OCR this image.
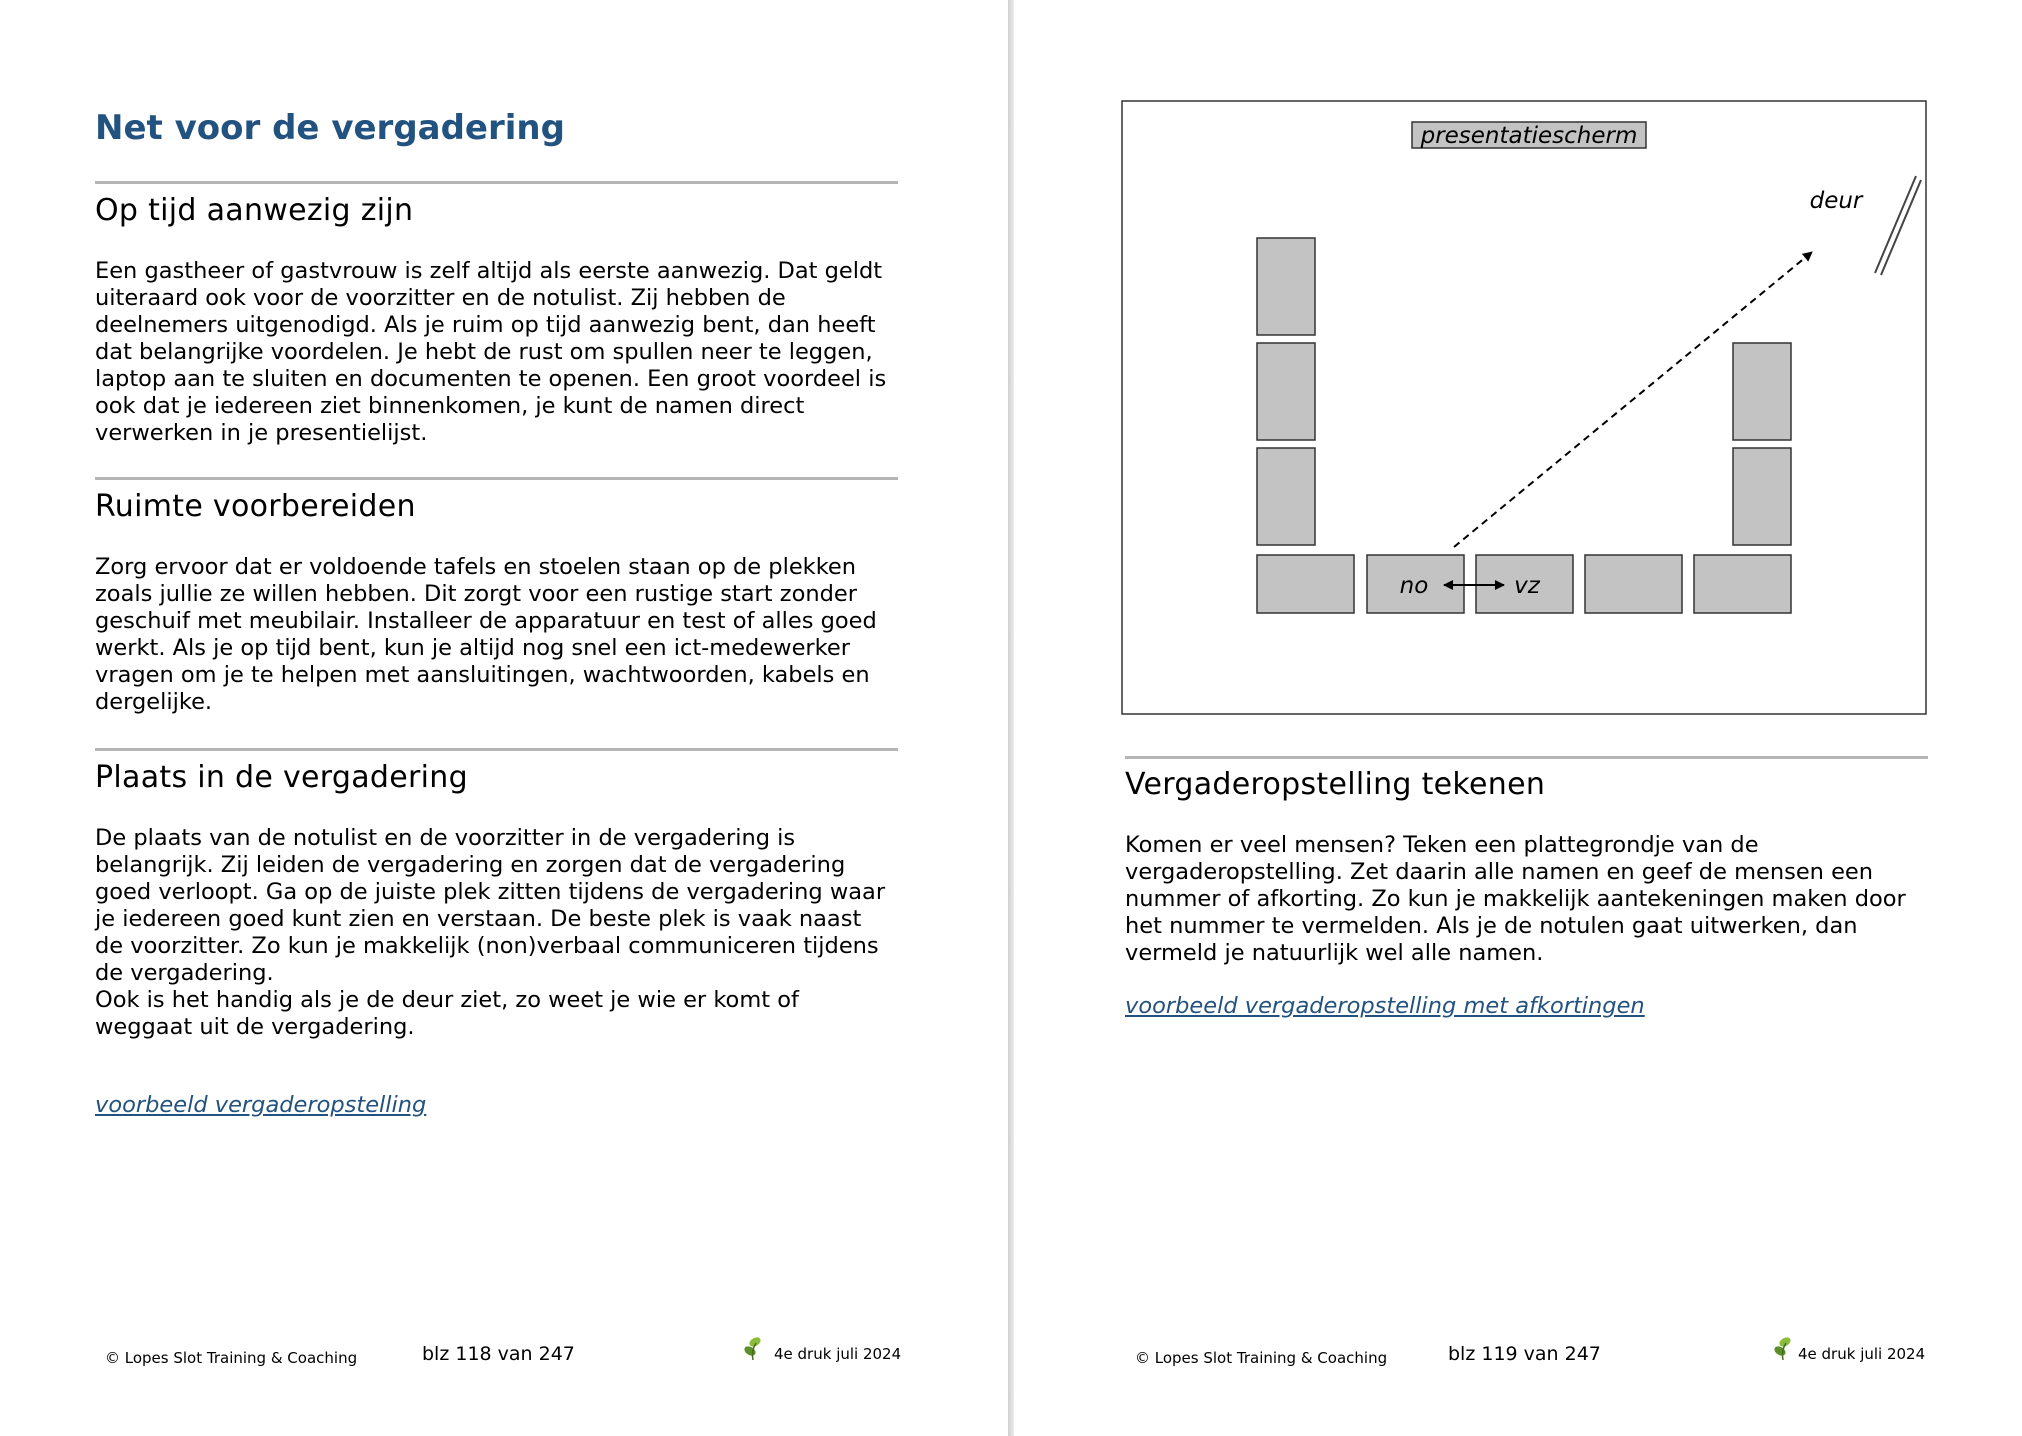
Net voor de vergadering
Op tijd aanwezig zijn

Een gastheer of gastvrouw is zelf altijd als eerste aanwezig. Dat geldt
uiteraard ook voor de voorzitter en de notulist. Zij hebben de
deelnemers uitgenodigd. Als je ruim op tijd aanwezig bent, dan heeft
dat belangrijke voordelen. Je hebt de rust om spullen neer te leggen,
laptop aan te sluiten en documenten te openen. Een groot voordeel is
ook dat je iedereen ziet binnenkomen, je kunt de namen direct
verwerken in je presentielijst.

Ruimte voorbereiden

Zorg ervoor dat er voldoende tafels en stoelen staan op de plekken
zoals jullie ze willen hebben. Dit zorgt voor een rustige start zonder
geschuif met meubilair. Installeer de apparatuur en test of alles goed
werkt. Als je op tijd bent, kun je altijd nog snel een ict-medewerker
vragen om je te helpen met aansluitingen, wachtwoorden, kabels en
dergelijke.

Plaats in de vergadering

De plaats van de notulist en de voorzitter in de vergadering is
belangrijk. Zij leiden de vergadering en zorgen dat de vergadering
goed verloopt. Ga op de juiste plek zitten tijdens de vergadering waar
je iedereen goed kunt zien en verstaan. De beste plek is vaak naast
de voorzitter. Zo kun je makkelijk (non)verbaal communiceren tijdens
de vergadering.
Ook is het handig als je de deur ziet, zo weet je wie er komt of
weggaat uit de vergadering.

voorbeeld vergaderopstelling
© Lopes Slot Training & Coaching	blz 118 van 247	4e druk juli 2024
presentatiescherm
deur
no	vz
Vergaderopstelling tekenen

Komen er veel mensen? Teken een plattegrondje van de
vergaderopstelling. Zet daarin alle namen en geef de mensen een
nummer of afkorting. Zo kun je makkelijk aantekeningen maken door
het nummer te vermelden. Als je de notulen gaat uitwerken, dan
vermeld je natuurlijk wel alle namen.

voorbeeld vergaderopstelling met afkortingen
© Lopes Slot Training & Coaching	blz 119 van 247	4e druk juli 2024
